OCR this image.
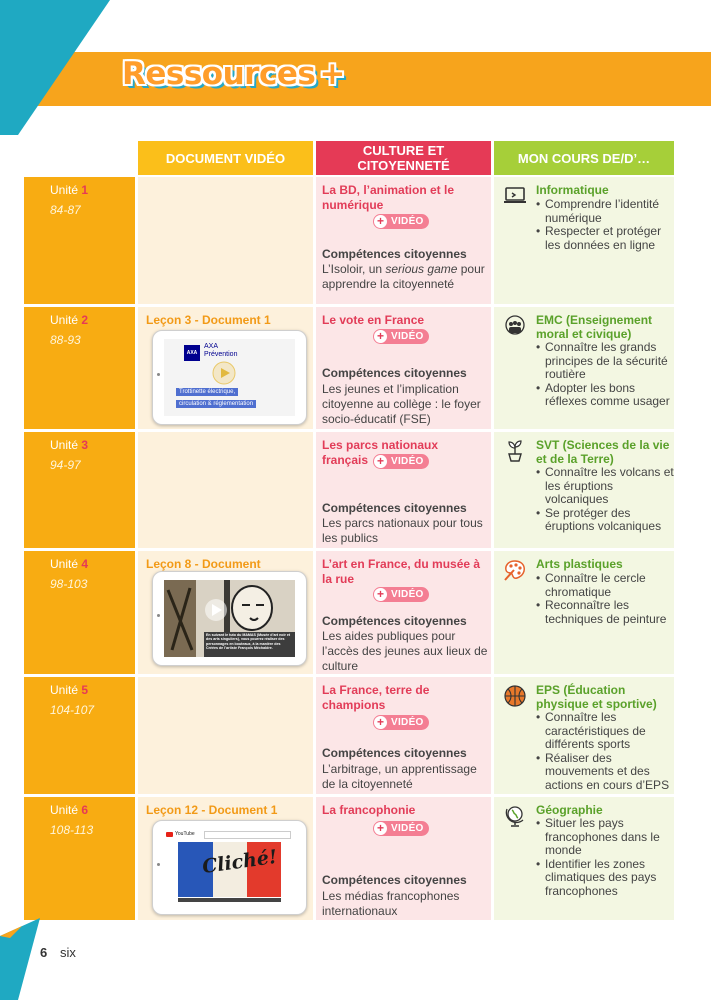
Ressources +
DOCUMENT VIDÉO	CULTURE ET CITOYENNETÉ	MON COURS DE/D’…
Unité 1
84-87
La BD, l’animation et le numérique
+ VIDÉO
Compétences citoyennes
L’Isoloir, un serious game pour apprendre la citoyenneté
Informatique
• Comprendre l’identité numérique
• Respecter et protéger les données en ligne
Unité 2
88-93
Leçon 3 - Document 1
AXA
AXA
Prévention
Trottinette électrique,
circulation & réglementation
Le vote en France
+ VIDÉO
Compétences citoyennes
Les jeunes et l’implication citoyenne au collège : le foyer socio-éducatif (FSE)
EMC (Enseignement moral et civique)
• Connaître les grands principes de la sécurité routière
• Adopter les bons réflexes comme usager
Unité 3
94-97
Les parcs nationaux français + VIDÉO
Compétences citoyennes
Les parcs nationaux pour tous les publics
SVT (Sciences de la vie et de la Terre)
• Connaître les volcans et les éruptions volcaniques
• Se protéger des éruptions volcaniques
Unité 4
98-103
Leçon 8 - Document
En suivant le tuto du MAMAS (Musée d’art noir et des arts singuliers), vous pourrez réaliser des personnages en bouteaux, à la manière des Créées de l’artiste François Méchaldre.
L’art en France, du musée à la rue
+ VIDÉO
Compétences citoyennes
Les aides publiques pour l’accès des jeunes aux lieux de culture
Arts plastiques
• Connaître le cercle chromatique
• Reconnaître les techniques de peinture
Unité 5
104-107
La France, terre de champions
+ VIDÉO
Compétences citoyennes
L’arbitrage, un apprentissage de la citoyenneté
EPS (Éducation physique et sportive)
• Connaître les caractéristiques de différents sports
• Réaliser des mouvements et des actions en cours d’EPS
Unité 6
108-113
Leçon 12 - Document 1
YouTube
Cliché!
La francophonie
+ VIDÉO
Compétences citoyennes
Les médias francophones internationaux
Géographie
• Situer les pays francophones dans le monde
• Identifier les zones climatiques des pays francophones
6 six
